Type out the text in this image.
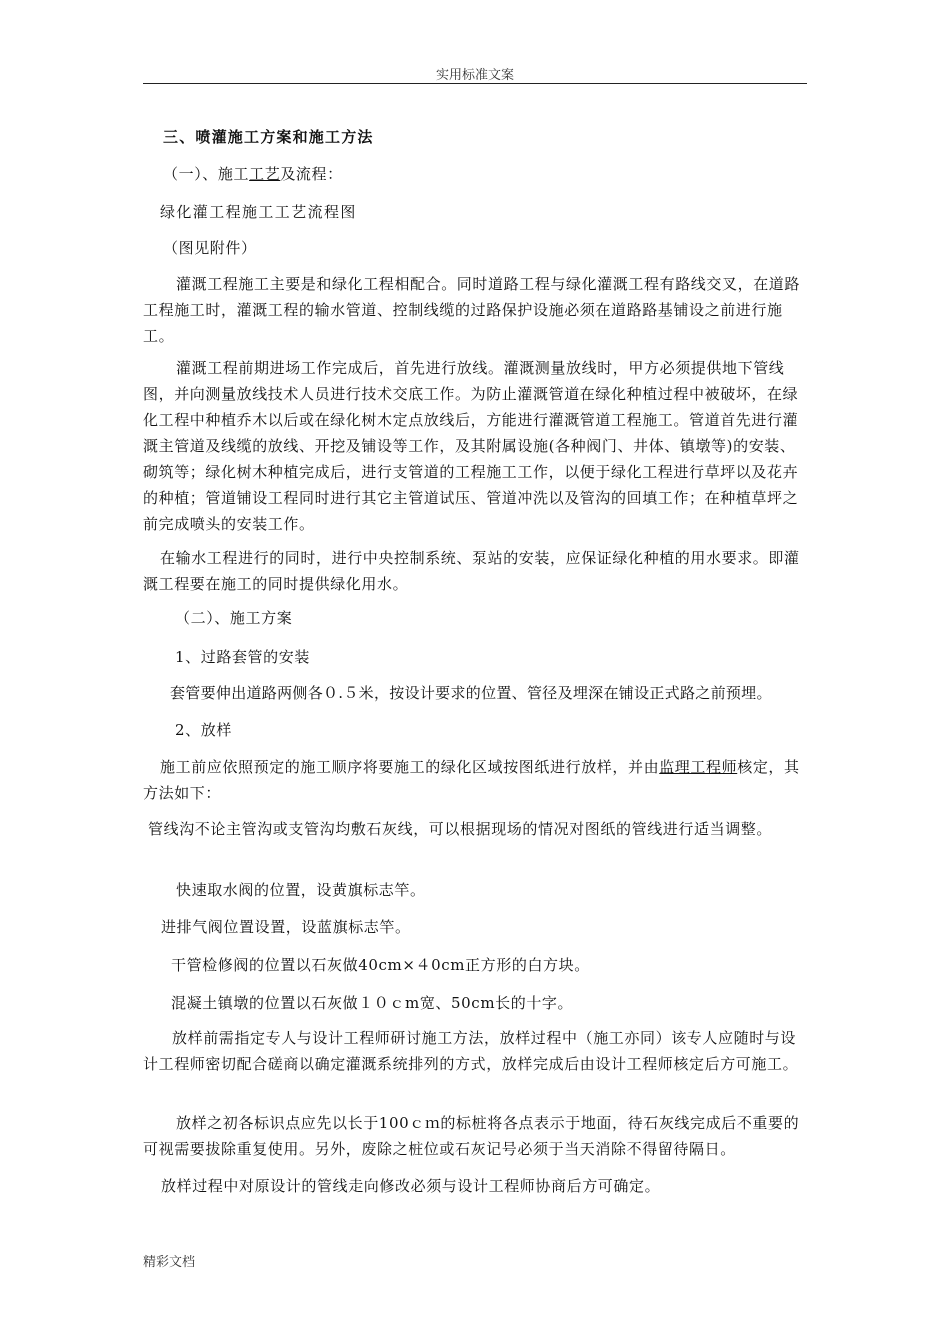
实用标准文案
三、喷灌施工方案和施工方法
（一）、施工工艺及流程：
绿化灌工程施工工艺流程图
（图见附件）
灌溉工程施工主要是和绿化工程相配合。同时道路工程与绿化灌溉工程有路线交叉，在道路工程施工时，灌溉工程的输水管道、控制线缆的过路保护设施必须在道路路基铺设之前进行施工。
灌溉工程前期进场工作完成后，首先进行放线。灌溉测量放线时，甲方必须提供地下管线图，并向测量放线技术人员进行技术交底工作。为防止灌溉管道在绿化种植过程中被破坏，在绿化工程中种植乔木以后或在绿化树木定点放线后，方能进行灌溉管道工程施工。管道首先进行灌溉主管道及线缆的放线、开挖及铺设等工作，及其附属设施(各种阀门、井体、镇墩等)的安装、砌筑等；绿化树木种植完成后，进行支管道的工程施工工作，以便于绿化工程进行草坪以及花卉的种植；管道铺设工程同时进行其它主管道试压、管道冲洗以及管沟的回填工作；在种植草坪之前完成喷头的安装工作。
在输水工程进行的同时，进行中央控制系统、泵站的安装，应保证绿化种植的用水要求。即灌溉工程要在施工的同时提供绿化用水。
（二）、施工方案
1、过路套管的安装
套管要伸出道路两侧各０.５米，按设计要求的位置、管径及埋深在铺设正式路之前预埋。
2、放样
施工前应依照预定的施工顺序将要施工的绿化区域按图纸进行放样，并由监理工程师核定，其方法如下：
管线沟不论主管沟或支管沟均敷石灰线，可以根据现场的情况对图纸的管线进行适当调整。
快速取水阀的位置，设黄旗标志竿。
进排气阀位置设置，设蓝旗标志竿。
干管检修阀的位置以石灰做40cm×４0cm正方形的白方块。
混凝土镇墩的位置以石灰做１０ｃm宽、50cm长的十字。
放样前需指定专人与设计工程师研讨施工方法，放样过程中（施工亦同）该专人应随时与设计工程师密切配合磋商以确定灌溉系统排列的方式，放样完成后由设计工程师核定后方可施工。
放样之初各标识点应先以长于100ｃｍ的标桩将各点表示于地面，待石灰线完成后不重要的可视需要拔除重复使用。另外，废除之桩位或石灰记号必须于当天消除不得留待隔日。
放样过程中对原设计的管线走向修改必须与设计工程师协商后方可确定。
精彩文档
